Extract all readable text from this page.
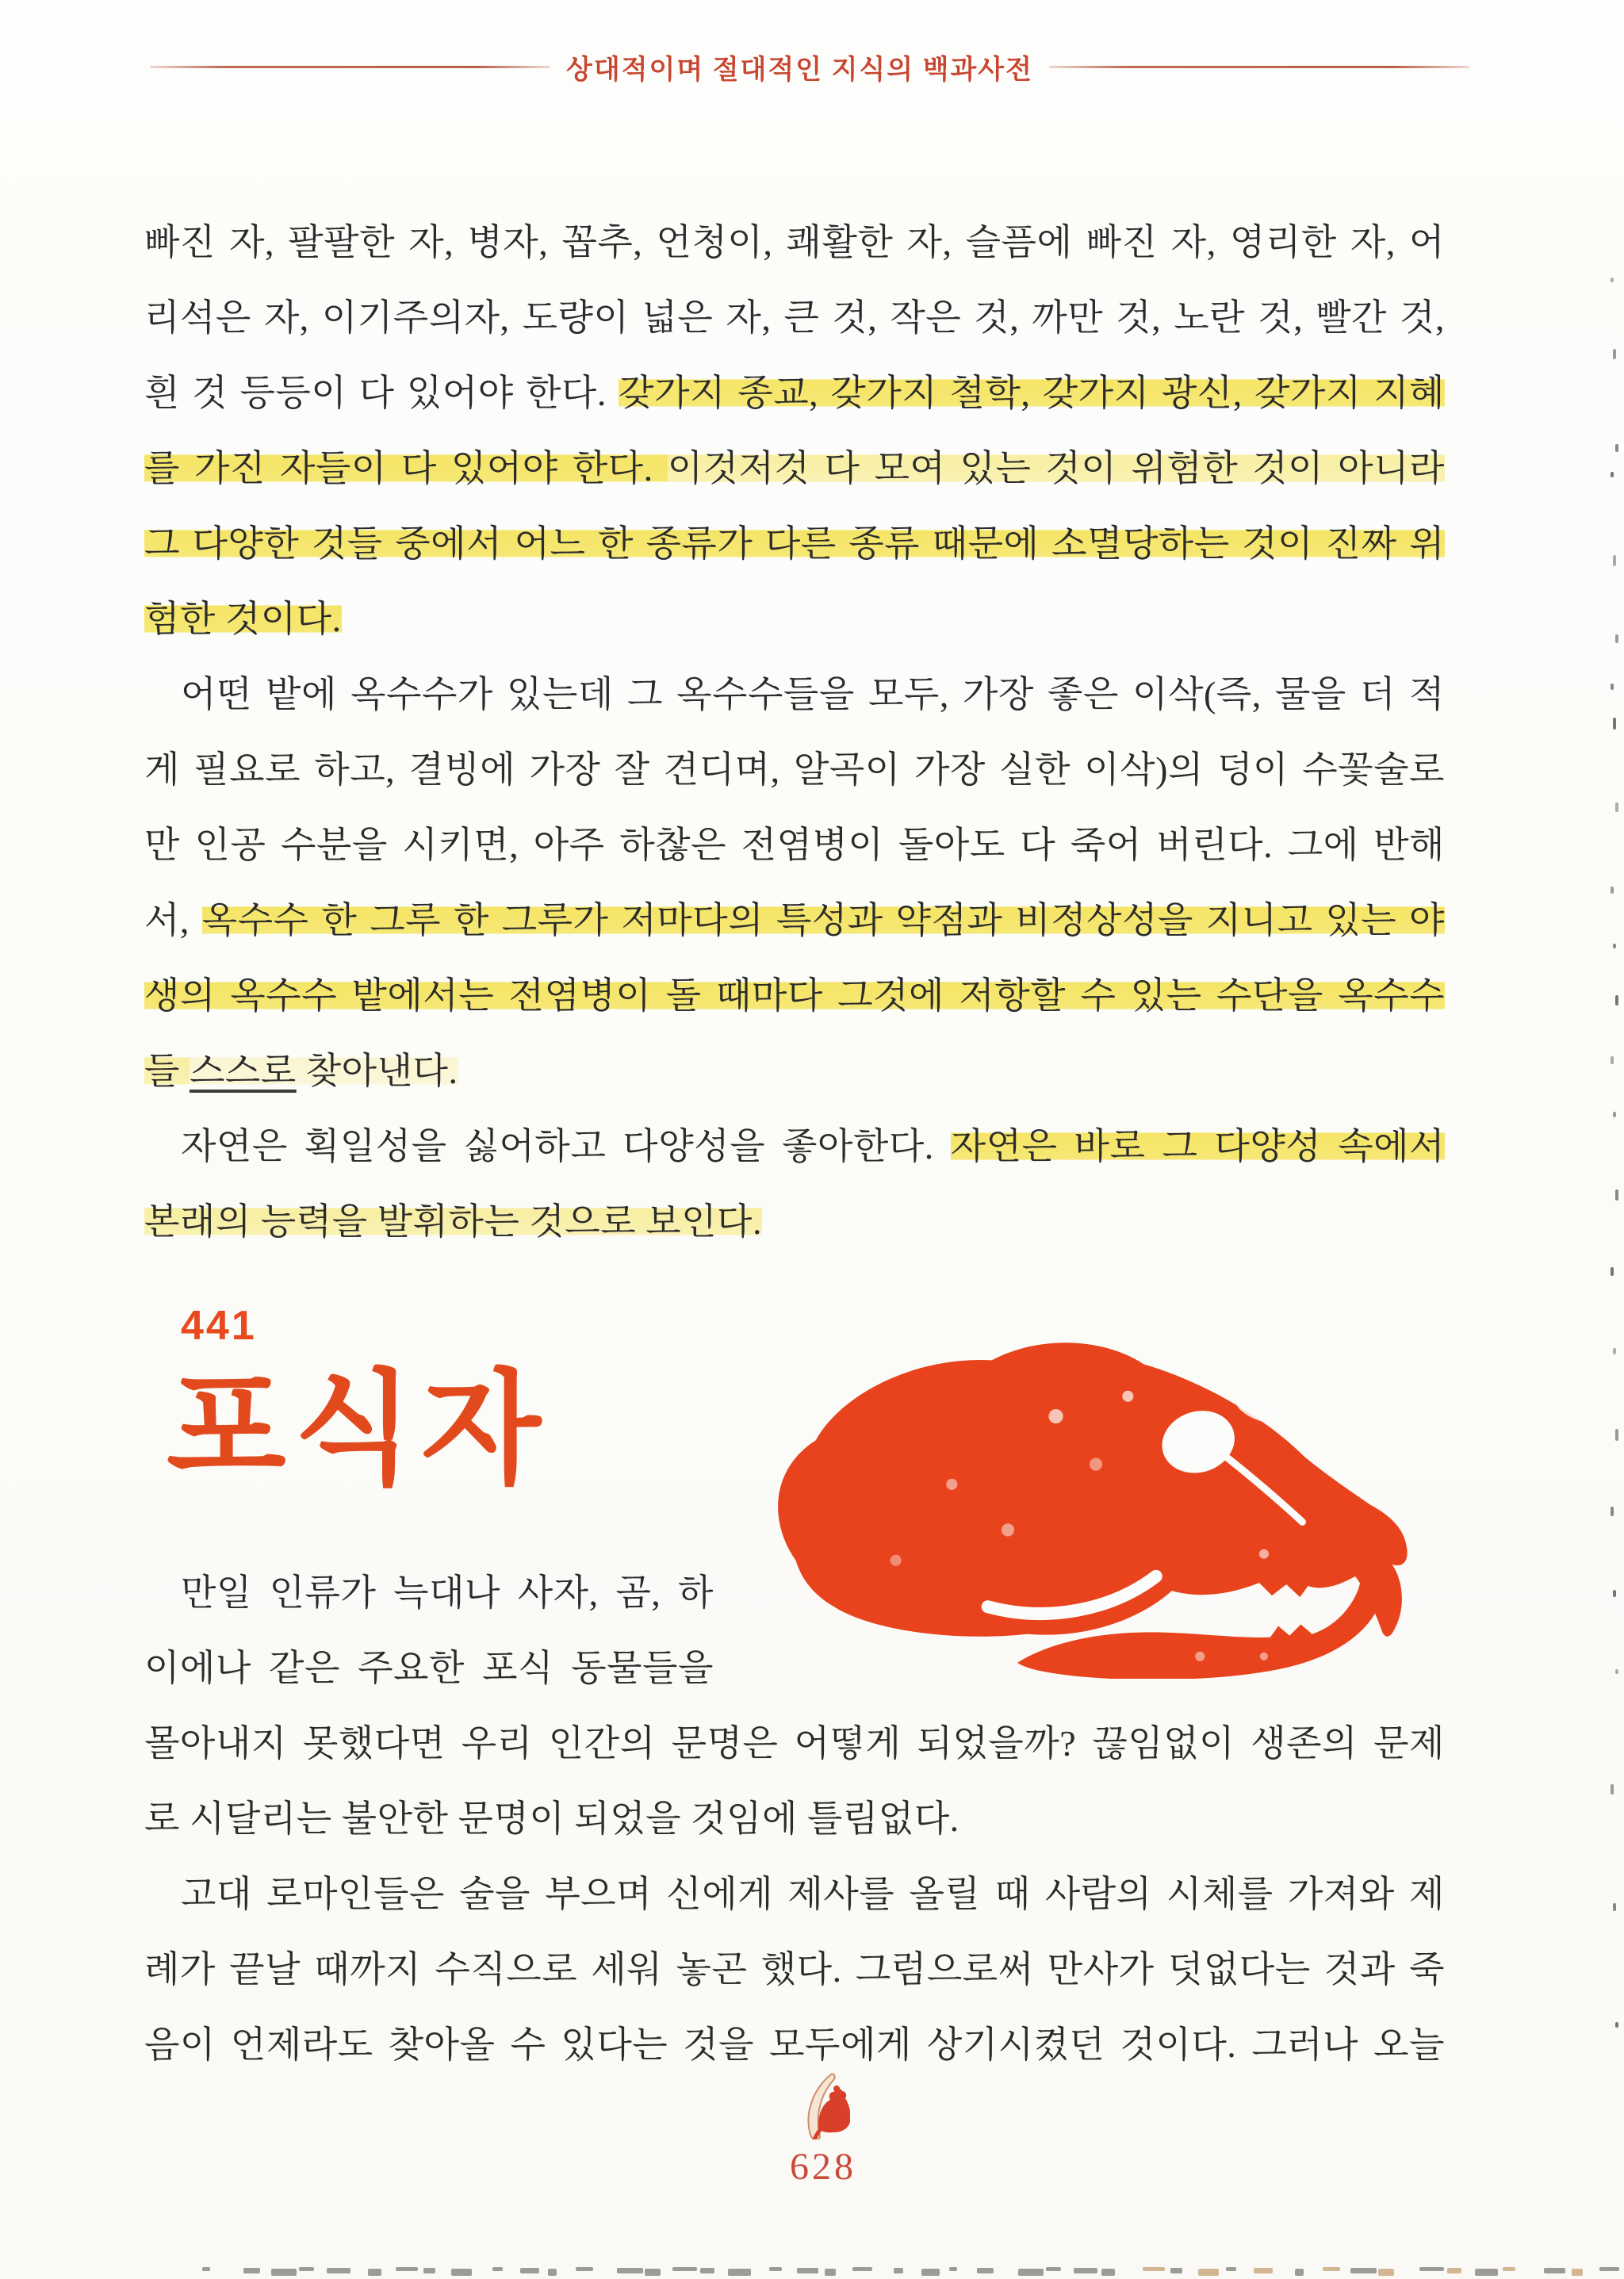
상대적이며 절대적인 지식의 백과사전
빠진 자, 팔팔한 자, 병자, 꼽추, 언청이, 쾌활한 자, 슬픔에 빠진 자, 영리한 자, 어
리석은 자, 이기주의자, 도량이 넓은 자, 큰 것, 작은 것, 까만 것, 노란 것, 빨간 것,
흰 것 등등이 다 있어야 한다. 갖가지 종교, 갖가지 철학, 갖가지 광신, 갖가지 지혜
를 가진 자들이 다 있어야 한다. 이것저것 다 모여 있는 것이 위험한 것이 아니라
그 다양한 것들 중에서 어느 한 종류가 다른 종류 때문에 소멸당하는 것이 진짜 위
험한 것이다.
어떤 밭에 옥수수가 있는데 그 옥수수들을 모두, 가장 좋은 이삭(즉, 물을 더 적
게 필요로 하고, 결빙에 가장 잘 견디며, 알곡이 가장 실한 이삭)의 덩이 수꽃술로
만 인공 수분을 시키면, 아주 하찮은 전염병이 돌아도 다 죽어 버린다. 그에 반해
서, 옥수수 한 그루 한 그루가 저마다의 특성과 약점과 비정상성을 지니고 있는 야
생의 옥수수 밭에서는 전염병이 돌 때마다 그것에 저항할 수 있는 수단을 옥수수
들 스스로 찾아낸다.
자연은 획일성을 싫어하고 다양성을 좋아한다. 자연은 바로 그 다양성 속에서
본래의 능력을 발휘하는 것으로 보인다.
441
포식자
만일 인류가 늑대나 사자, 곰, 하
이에나 같은 주요한 포식 동물들을
몰아내지 못했다면 우리 인간의 문명은 어떻게 되었을까? 끊임없이 생존의 문제
로 시달리는 불안한 문명이 되었을 것임에 틀림없다.
고대 로마인들은 술을 부으며 신에게 제사를 올릴 때 사람의 시체를 가져와 제
례가 끝날 때까지 수직으로 세워 놓곤 했다. 그럼으로써 만사가 덧없다는 것과 죽
음이 언제라도 찾아올 수 있다는 것을 모두에게 상기시켰던 것이다. 그러나 오늘
628
